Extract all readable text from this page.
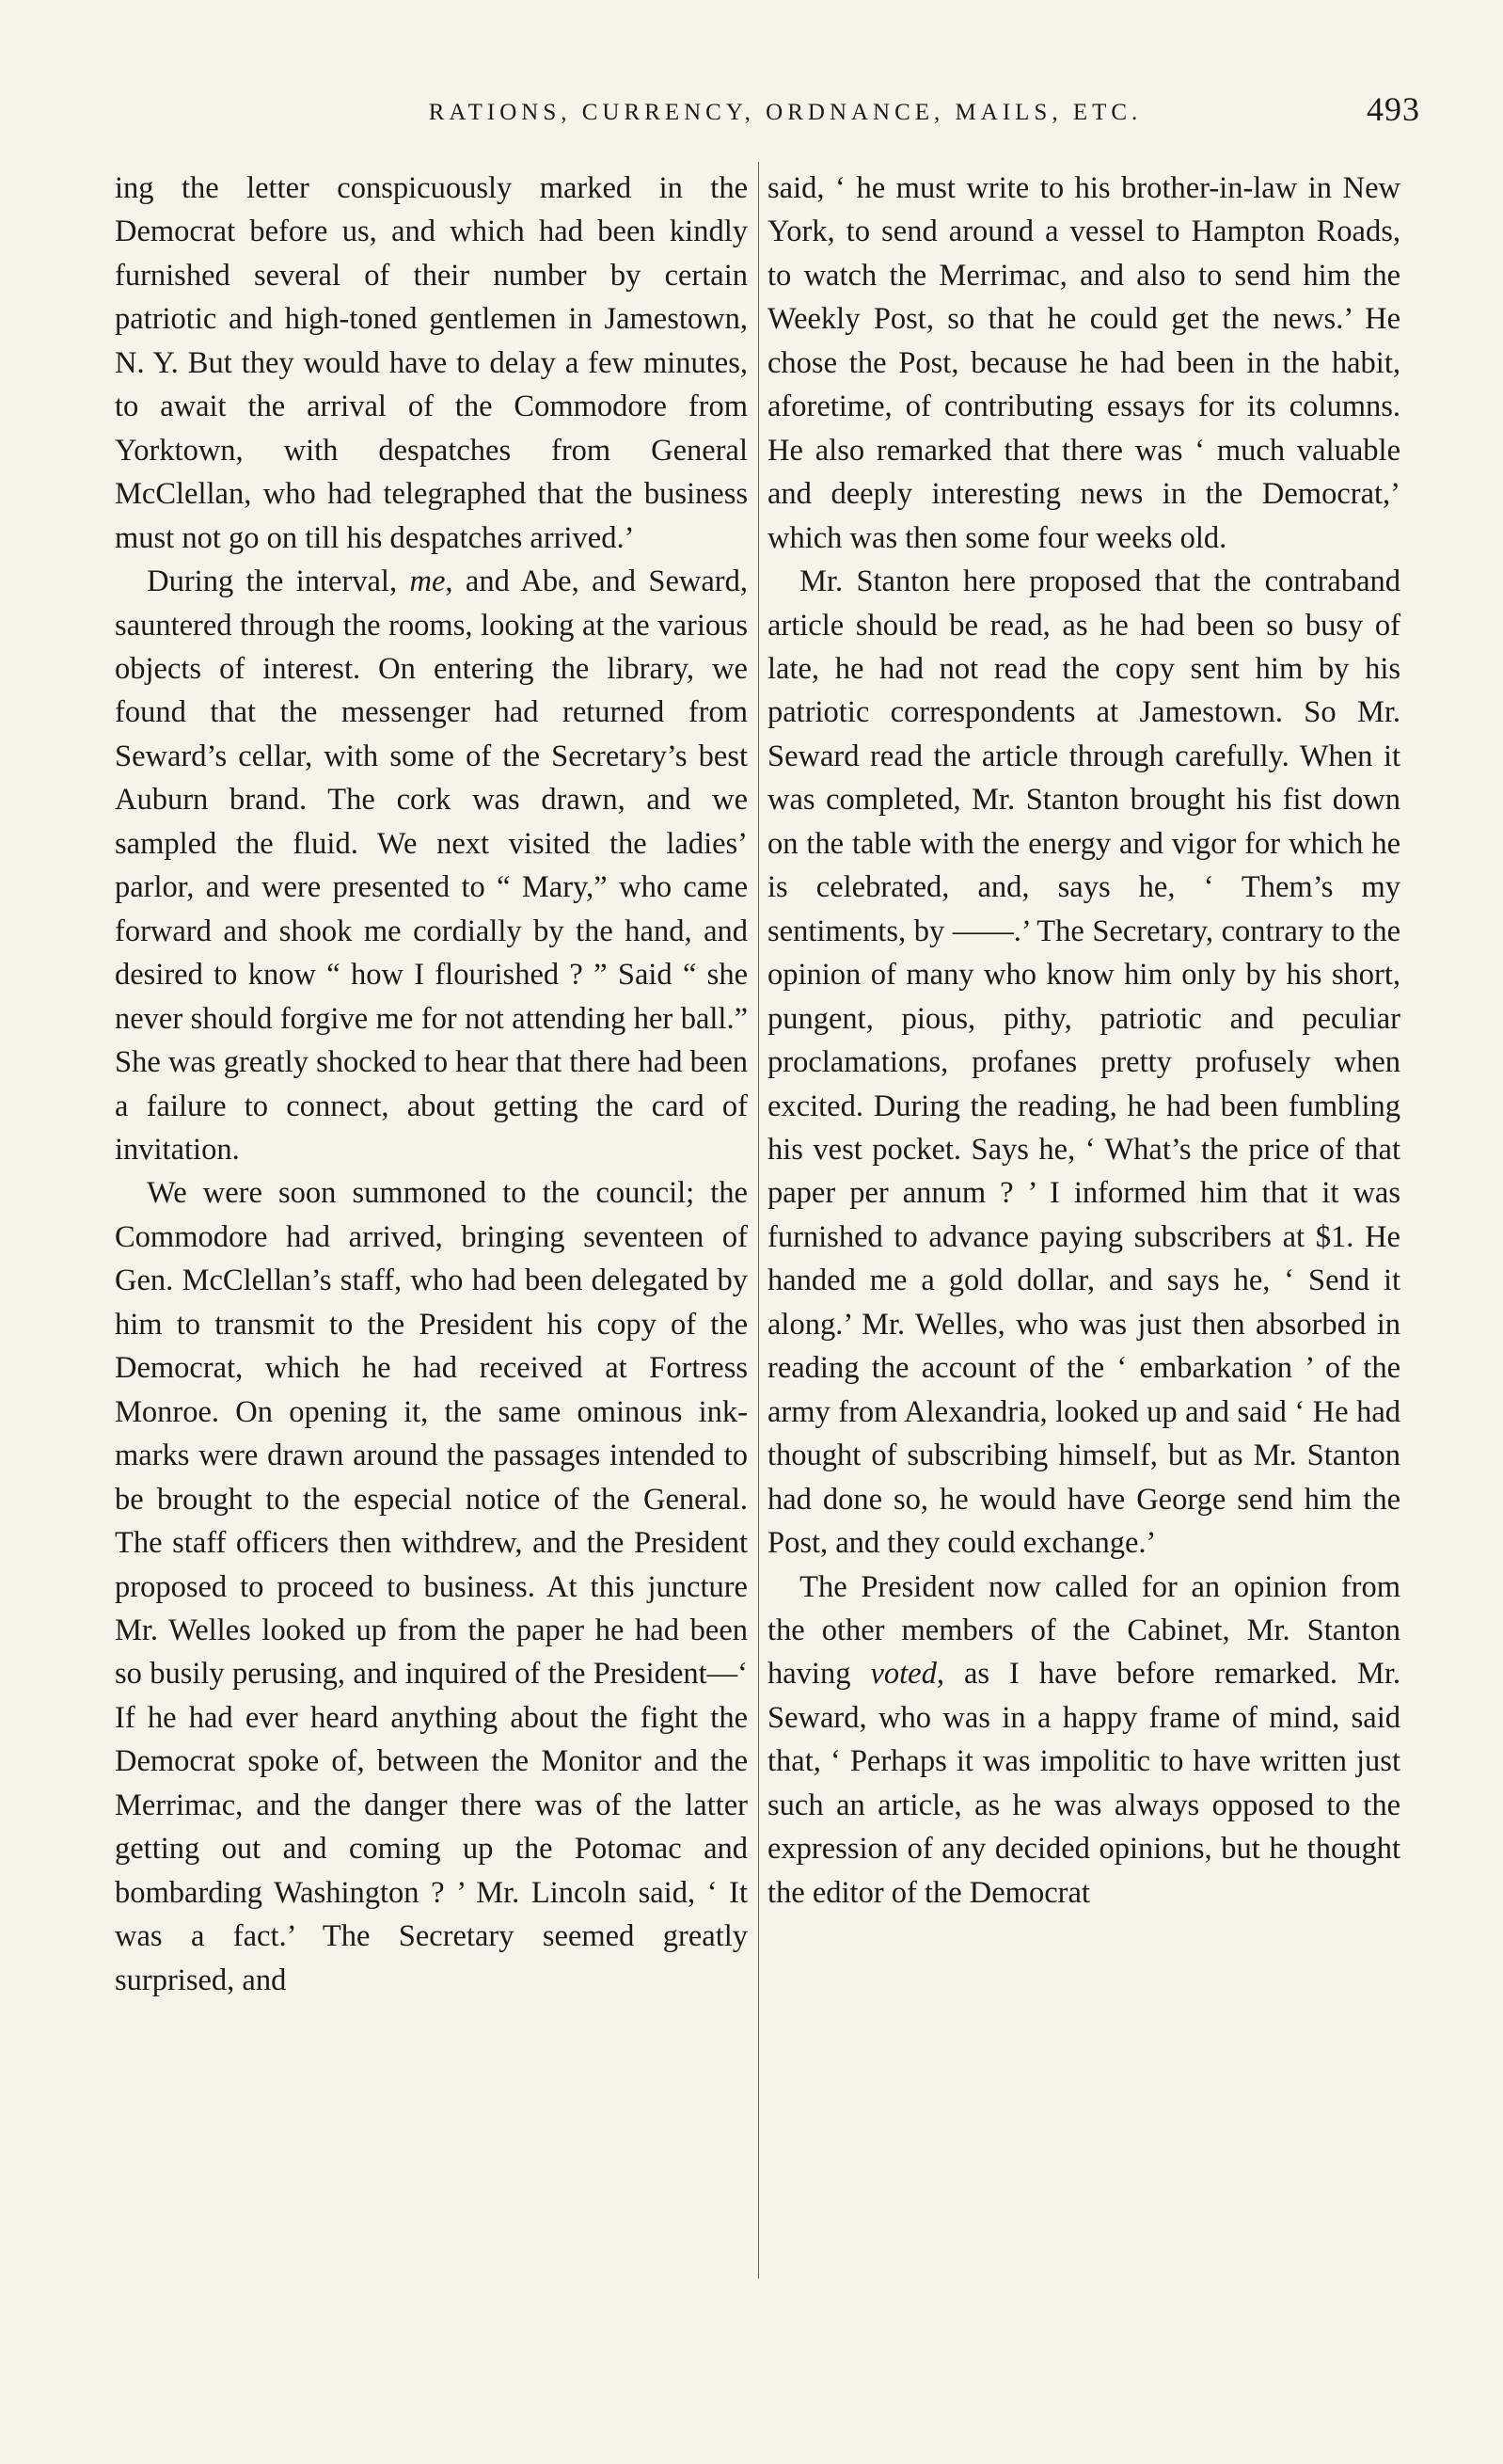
RATIONS, CURRENCY, ORDNANCE, MAILS, ETC.	493

ing the letter conspicuously marked in the Democrat before us, and which had been kindly furnished several of their number by certain patriotic and high-toned gentlemen in Jamestown, N. Y. But they would have to delay a few minutes, to await the arrival of the Commodore from Yorktown, with despatches from General McClellan, who had telegraphed that the business must not go on till his despatches arrived.’

During the interval, me, and Abe, and Seward, sauntered through the rooms, looking at the various objects of interest. On entering the library, we found that the messenger had returned from Seward’s cellar, with some of the Secretary’s best Auburn brand. The cork was drawn, and we sampled the fluid. We next visited the ladies’ parlor, and were presented to “ Mary,” who came forward and shook me cordially by the hand, and desired to know “ how I flourished ? ” Said “ she never should forgive me for not attending her ball.” She was greatly shocked to hear that there had been a failure to connect, about getting the card of invitation.

We were soon summoned to the council; the Commodore had arrived, bringing seventeen of Gen. McClellan’s staff, who had been delegated by him to transmit to the President his copy of the Democrat, which he had received at Fortress Monroe. On opening it, the same ominous ink-marks were drawn around the passages intended to be brought to the especial notice of the General. The staff officers then withdrew, and the President proposed to proceed to business. At this juncture Mr. Welles looked up from the paper he had been so busily perusing, and inquired of the President—‘ If he had ever heard anything about the fight the Democrat spoke of, between the Monitor and the Merrimac, and the danger there was of the latter getting out and coming up the Potomac and bombarding Washington ? ’ Mr. Lincoln said, ‘ It was a fact.’ The Secretary seemed greatly surprised, and

said, ‘ he must write to his brother-in-law in New York, to send around a vessel to Hampton Roads, to watch the Merrimac, and also to send him the Weekly Post, so that he could get the news.’ He chose the Post, because he had been in the habit, aforetime, of contributing essays for its columns. He also remarked that there was ‘ much valuable and deeply interesting news in the Democrat,’ which was then some four weeks old.

Mr. Stanton here proposed that the contraband article should be read, as he had been so busy of late, he had not read the copy sent him by his patriotic correspondents at Jamestown. So Mr. Seward read the article through carefully. When it was completed, Mr. Stanton brought his fist down on the table with the energy and vigor for which he is celebrated, and, says he, ‘ Them’s my sentiments, by ——.’ The Secretary, contrary to the opinion of many who know him only by his short, pungent, pious, pithy, patriotic and peculiar proclamations, profanes pretty profusely when excited. During the reading, he had been fumbling his vest pocket. Says he, ‘ What’s the price of that paper per annum ? ’ I informed him that it was furnished to advance paying subscribers at $1. He handed me a gold dollar, and says he, ‘ Send it along.’ Mr. Welles, who was just then absorbed in reading the account of the ‘ embarkation ’ of the army from Alexandria, looked up and said ‘ He had thought of subscribing himself, but as Mr. Stanton had done so, he would have George send him the Post, and they could exchange.’

The President now called for an opinion from the other members of the Cabinet, Mr. Stanton having voted, as I have before remarked. Mr. Seward, who was in a happy frame of mind, said that, ‘ Perhaps it was impolitic to have written just such an article, as he was always opposed to the expression of any decided opinions, but he thought the editor of the Democrat
